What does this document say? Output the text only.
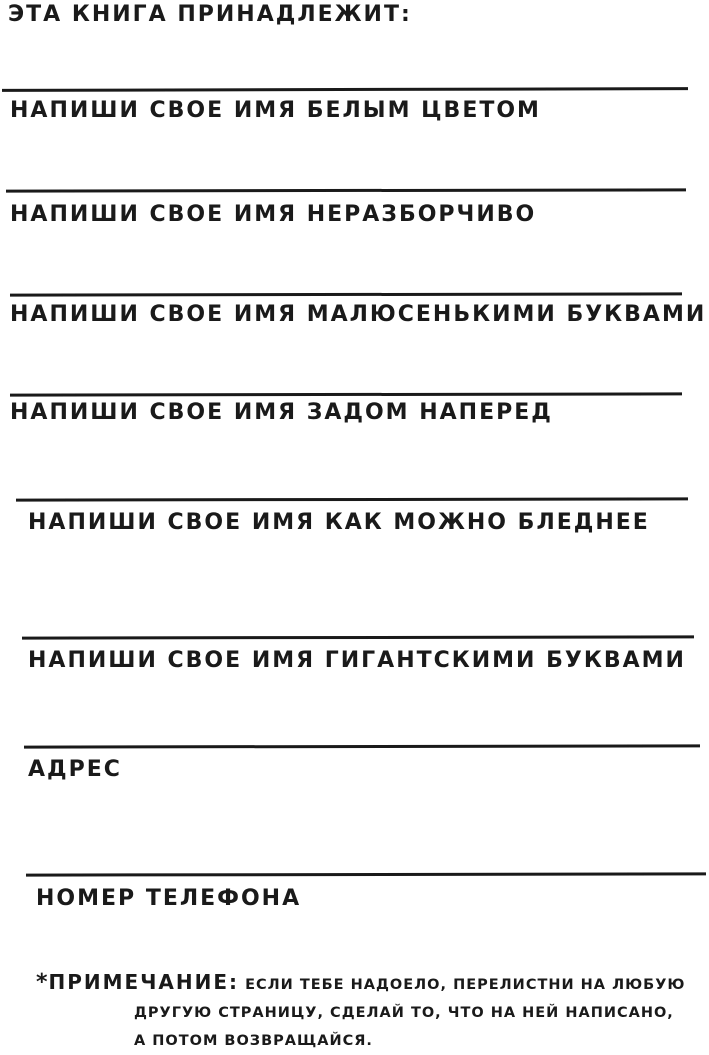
ЭТА КНИГА ПРИНАДЛЕЖИТ:
НАПИШИ СВОЕ ИМЯ БЕЛЫМ ЦВЕТОМ
НАПИШИ СВОЕ ИМЯ НЕРАЗБОРЧИВО
НАПИШИ СВОЕ ИМЯ МАЛЮСЕНЬКИМИ БУКВАМИ
НАПИШИ СВОЕ ИМЯ ЗАДОМ НАПЕРЕД
НАПИШИ СВОЕ ИМЯ КАК МОЖНО БЛЕДНЕЕ
НАПИШИ СВОЕ ИМЯ ГИГАНТСКИМИ БУКВАМИ
АДРЕС
НОМЕР ТЕЛЕФОНА
*ПРИМЕЧАНИЕ: ЕСЛИ ТЕБЕ НАДОЕЛО, ПЕРЕЛИСТНИ НА ЛЮБУЮ
ДРУГУЮ СТРАНИЦУ, СДЕЛАЙ ТО, ЧТО НА НЕЙ НАПИСАНО,
А ПОТОМ ВОЗВРАЩАЙСЯ.
